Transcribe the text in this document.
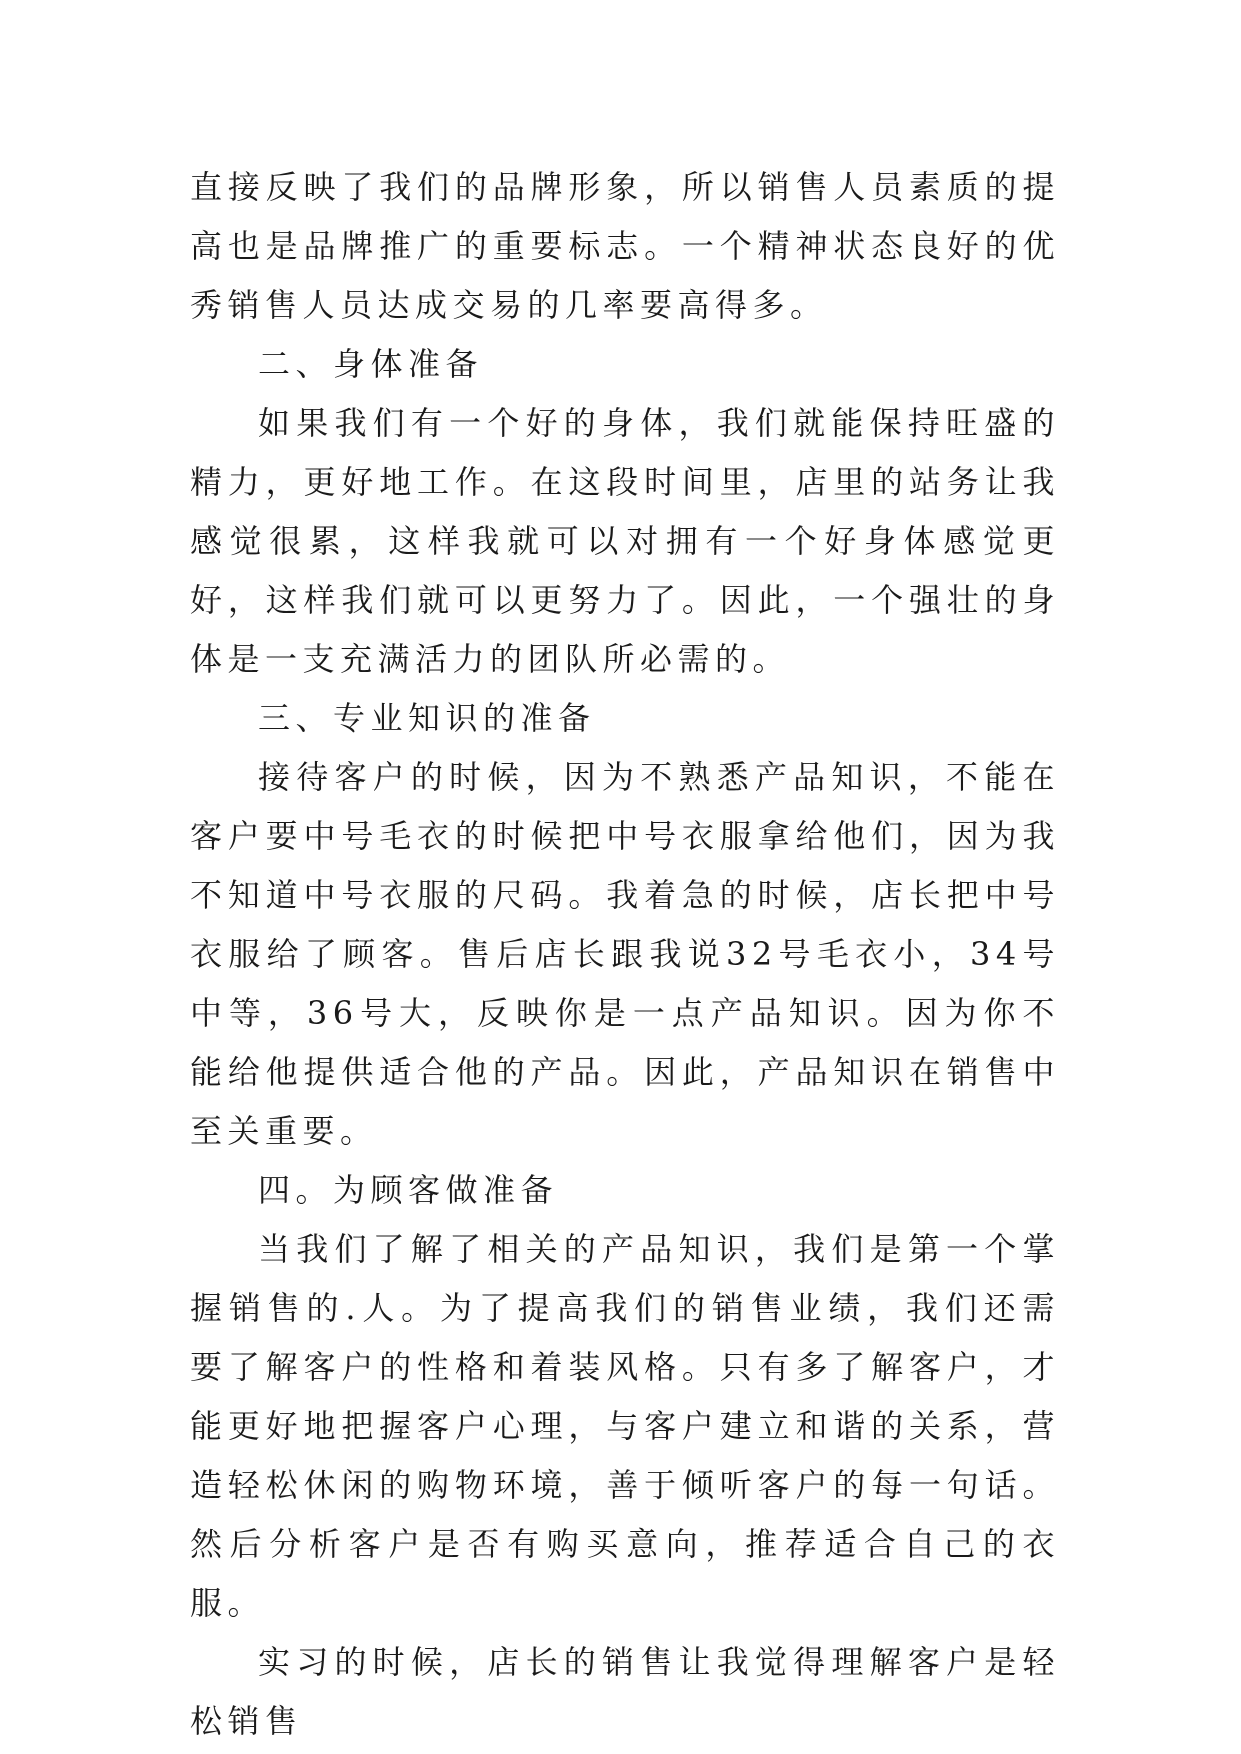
直接反映了我们的品牌形象，所以销售人员素质的提高也是品牌推广的重要标志。一个精神状态良好的优秀销售人员达成交易的几率要高得多。

二、身体准备

如果我们有一个好的身体，我们就能保持旺盛的精力，更好地工作。在这段时间里，店里的站务让我感觉很累，这样我就可以对拥有一个好身体感觉更好，这样我们就可以更努力了。因此，一个强壮的身体是一支充满活力的团队所必需的。

三、专业知识的准备

接待客户的时候，因为不熟悉产品知识，不能在客户要中号毛衣的时候把中号衣服拿给他们，因为我不知道中号衣服的尺码。我着急的时候，店长把中号衣服给了顾客。售后店长跟我说32号毛衣小，34号中等，36号大，反映你是一点产品知识。因为你不能给他提供适合他的产品。因此，产品知识在销售中至关重要。

四。为顾客做准备

当我们了解了相关的产品知识，我们是第一个掌握销售的.人。为了提高我们的销售业绩，我们还需要了解客户的性格和着装风格。只有多了解客户，才能更好地把握客户心理，与客户建立和谐的关系，营造轻松休闲的购物环境，善于倾听客户的每一句话。然后分析客户是否有购买意向，推荐适合自己的衣服。

实习的时候，店长的销售让我觉得理解客户是轻松销售
